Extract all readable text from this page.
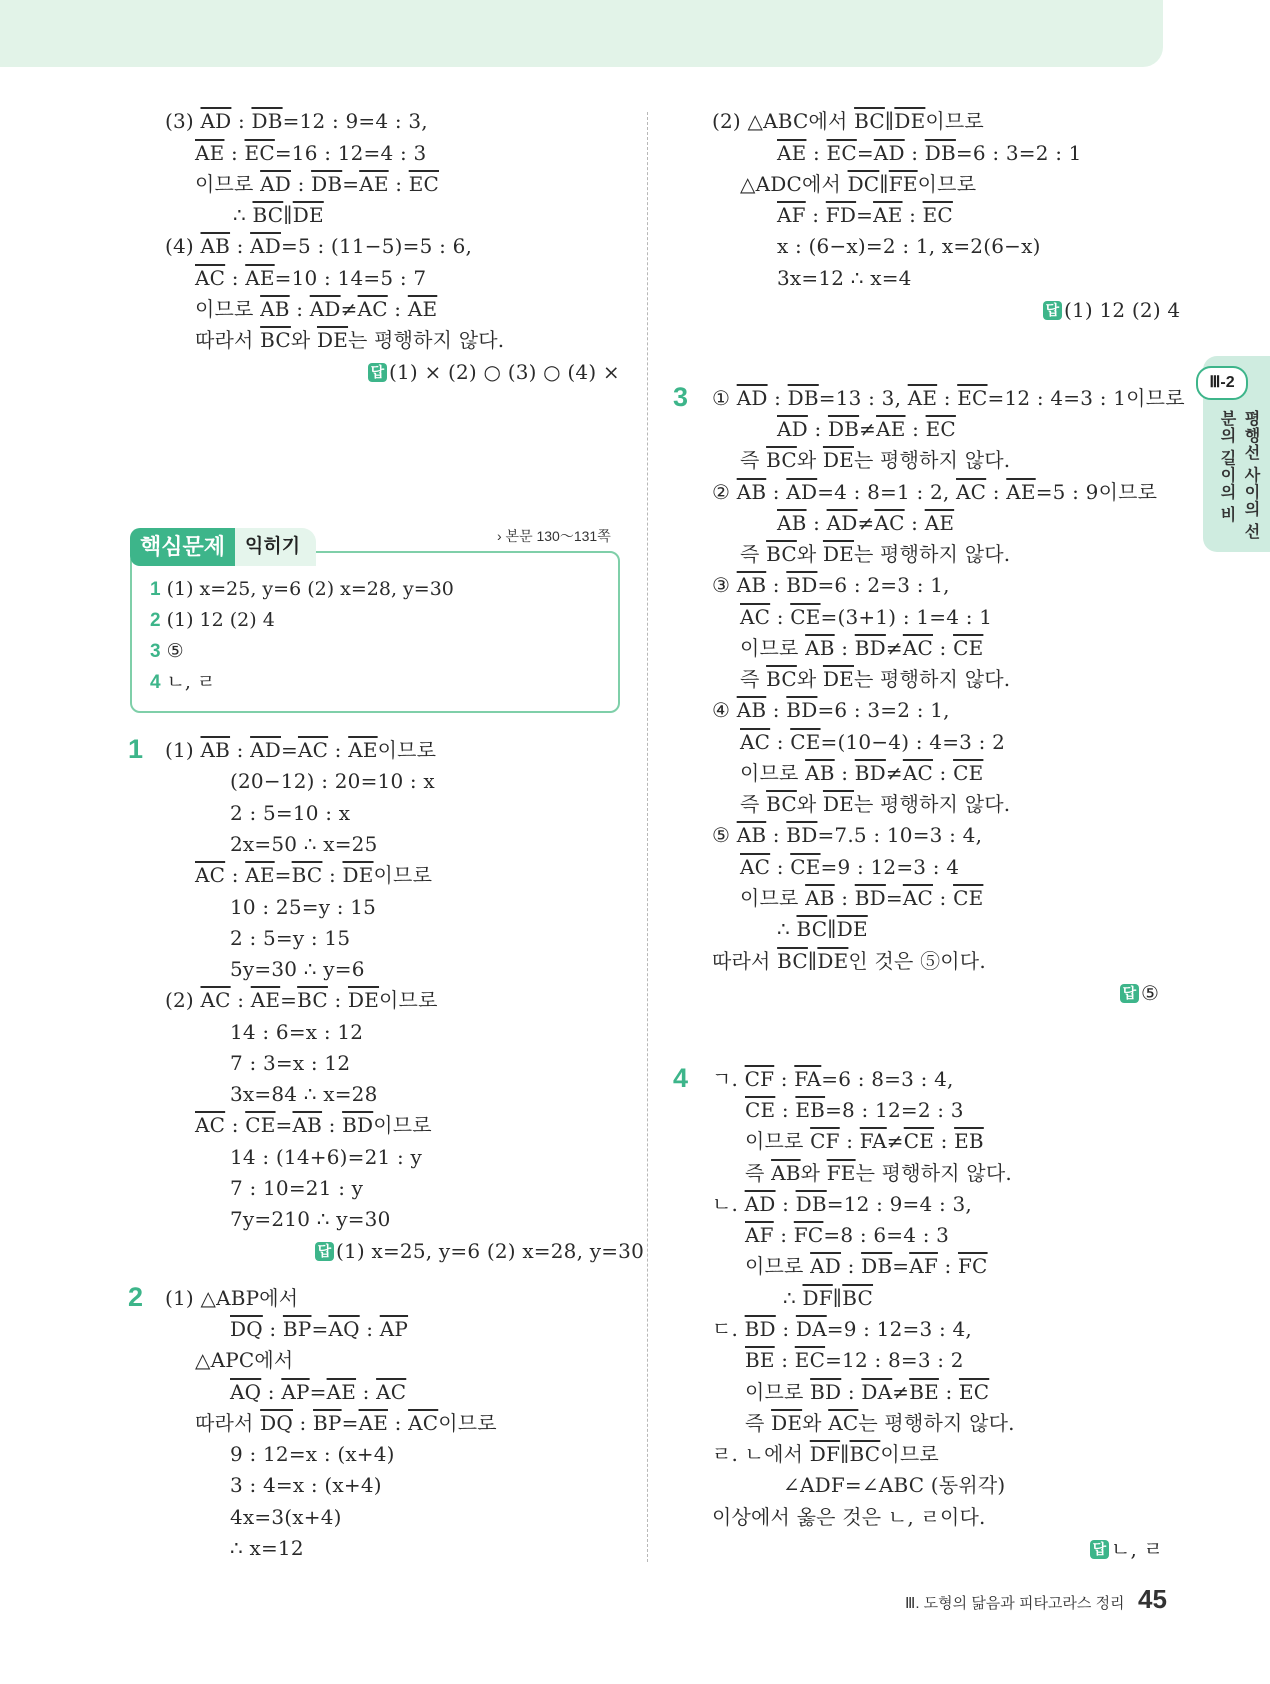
(3) $\overline{AD}$ : $\overline{DB}=12$ : 9=4 : 3,
$\overline{AE}$ : $\overline{EC}=16$ : 12=4 : 3
이므로 $\overline{AD}$ : $\overline{DB}=\overline{AE}$ : $\overline{EC}$
∴ $\overline{BC}\parallel\overline{DE}$
(4) $\overline{AB}$ : $\overline{AD}=5$ : (11−5)=5 : 6,
$\overline{AC}$ : $\overline{AE}=10$ : 14=5 : 7
이므로 $\overline{AB}$ : $\overline{AD}\ne\overline{AC}$ : $\overline{AE}$
따라서 $\overline{BC}$와 $\overline{DE}$는 평행하지 않다.
답 (1) × (2) ○ (3) ○ (4) ×
(1) $\overline{AB}$ : $\overline{AD}=\overline{AC}$ : $\overline{AE}$이므로
(20−12) : 20=10 : x
2 : 5=10 : x
2x=50 ∴ x=25
$\overline{AC}$ : $\overline{AE}=\overline{BC}$ : $\overline{DE}$이므로
10 : 25=y : 15
2 : 5=y : 15
5y=30 ∴ y=6
(2) $\overline{AC}$ : $\overline{AE}=\overline{BC}$ : $\overline{DE}$이므로
14 : 6=x : 12
7 : 3=x : 12
3x=84 ∴ x=28
$\overline{AC}$ : $\overline{CE}=\overline{AB}$ : $\overline{BD}$이므로
14 : (14+6)=21 : y
7 : 10=21 : y
7y=210 ∴ y=30
답 (1) x=25, y=6 (2) x=28, y=30
(1) △ABP에서
$\overline{DQ}$ : $\overline{BP}=\overline{AQ}$ : $\overline{AP}$
△APC에서
$\overline{AQ}$ : $\overline{AP}=\overline{AE}$ : $\overline{AC}$
따라서 $\overline{DQ}$ : $\overline{BP}=\overline{AE}$ : $\overline{AC}$이므로
9 : 12=x : (x+4)
3 : 4=x : (x+4)
4x=3(x+4)
∴ x=12
(2) △ABC에서 $\overline{BC}\parallel\overline{DE}$이므로
$\overline{AE}$ : $\overline{EC}=\overline{AD}$ : $\overline{DB}=6$ : 3=2 : 1
△ADC에서 $\overline{DC}\parallel\overline{FE}$이므로
$\overline{AF}$ : $\overline{FD}=\overline{AE}$ : $\overline{EC}$
x : (6−x)=2 : 1, x=2(6−x)
3x=12 ∴ x=4
답 (1) 12 (2) 4
① $\overline{AD}$ : $\overline{DB}=13$ : 3, $\overline{AE}$ : $\overline{EC}=12$ : 4=3 : 1이므로
$\overline{AD}$ : $\overline{DB}\ne\overline{AE}$ : $\overline{EC}$
즉 $\overline{BC}$와 $\overline{DE}$는 평행하지 않다.
② $\overline{AB}$ : $\overline{AD}=4$ : 8=1 : 2, $\overline{AC}$ : $\overline{AE}=5$ : 9이므로
$\overline{AB}$ : $\overline{AD}\ne\overline{AC}$ : $\overline{AE}$
즉 $\overline{BC}$와 $\overline{DE}$는 평행하지 않다.
③ $\overline{AB}$ : $\overline{BD}=6$ : 2=3 : 1,
$\overline{AC}$ : $\overline{CE}=(3+1)$ : 1=4 : 1
이므로 $\overline{AB}$ : $\overline{BD}\ne\overline{AC}$ : $\overline{CE}$
즉 $\overline{BC}$와 $\overline{DE}$는 평행하지 않다.
④ $\overline{AB}$ : $\overline{BD}=6$ : 3=2 : 1,
$\overline{AC}$ : $\overline{CE}=(10-4)$ : 4=3 : 2
이므로 $\overline{AB}$ : $\overline{BD}\ne\overline{AC}$ : $\overline{CE}$
즉 $\overline{BC}$와 $\overline{DE}$는 평행하지 않다.
⑤ $\overline{AB}$ : $\overline{BD}=7.5$ : 10=3 : 4,
$\overline{AC}$ : $\overline{CE}=9$ : 12=3 : 4
이므로 $\overline{AB}$ : $\overline{BD}=\overline{AC}$ : $\overline{CE}$
∴ $\overline{BC}\parallel\overline{DE}$
따라서 $\overline{BC}\parallel\overline{DE}$인 것은 ⑤이다.
답 ⑤
ㄱ. $\overline{CF}$ : $\overline{FA}=6$ : 8=3 : 4,
$\overline{CE}$ : $\overline{EB}=8$ : 12=2 : 3
이므로 $\overline{CF}$ : $\overline{FA}\ne\overline{CE}$ : $\overline{EB}$
즉 $\overline{AB}$와 $\overline{FE}$는 평행하지 않다.
ㄴ. $\overline{AD}$ : $\overline{DB}=12$ : 9=4 : 3,
$\overline{AF}$ : $\overline{FC}=8$ : 6=4 : 3
이므로 $\overline{AD}$ : $\overline{DB}=\overline{AF}$ : $\overline{FC}$
∴ $\overline{DF}\parallel\overline{BC}$
ㄷ. $\overline{BD}$ : $\overline{DA}=9$ : 12=3 : 4,
$\overline{BE}$ : $\overline{EC}=12$ : 8=3 : 2
이므로 $\overline{BD}$ : $\overline{DA}\ne\overline{BE}$ : $\overline{EC}$
즉 $\overline{DE}$와 $\overline{AC}$는 평행하지 않다.
ㄹ. ㄴ에서 $\overline{DF}\parallel\overline{BC}$이므로
∠ADF=∠ABC (동위각)
이상에서 옳은 것은 ㄴ, ㄹ이다.
답 ㄴ, ㄹ
1
2
3
4
핵심문제	익히기	› 본문 130～131쪽
1 (1) x=25, y=6 (2) x=28, y=30
2 (1) 12 (2) 4
3 ⑤
4 ㄴ, ㄹ
Ⅲ-2
평행선 사이의 선분의 길이의 비
Ⅲ. 도형의 닮음과 피타고라스 정리 45
